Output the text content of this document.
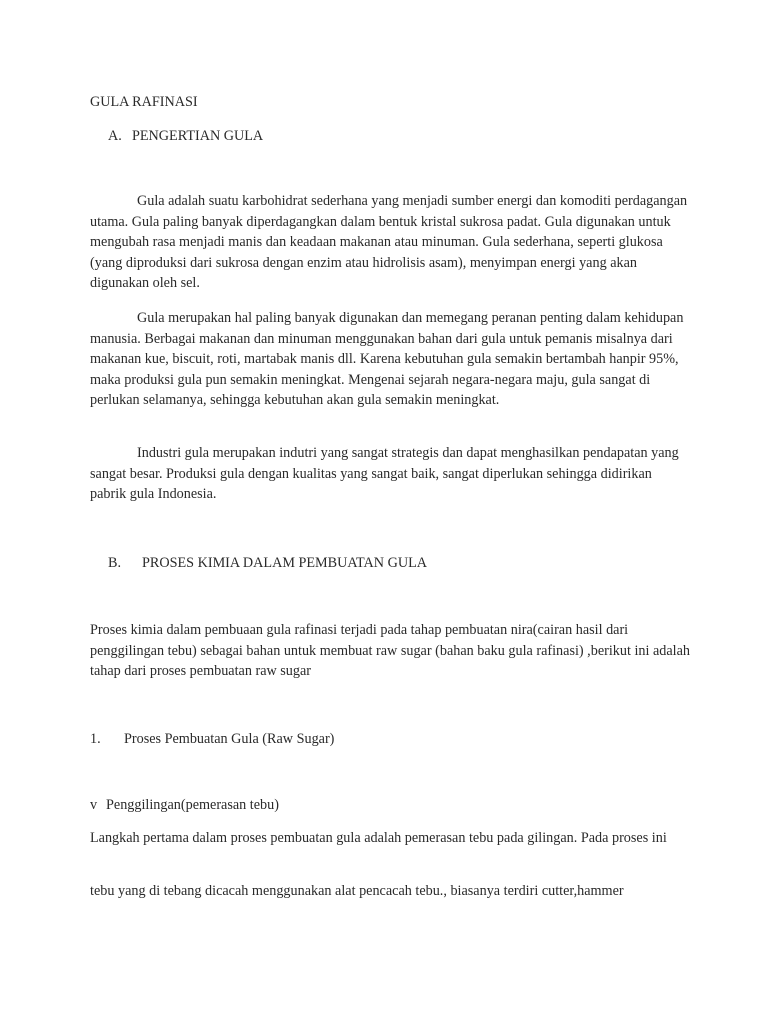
GULA RAFINASI
A. PENGERTIAN GULA
Gula adalah suatu karbohidrat sederhana yang menjadi sumber energi dan komoditi perdagangan utama. Gula paling banyak diperdagangkan dalam bentuk kristal sukrosa padat. Gula digunakan untuk mengubah rasa menjadi manis dan keadaan makanan atau minuman. Gula sederhana, seperti glukosa (yang diproduksi dari sukrosa dengan enzim atau hidrolisis asam), menyimpan energi yang akan digunakan oleh sel.
Gula merupakan hal paling banyak digunakan dan memegang peranan penting dalam kehidupan manusia. Berbagai makanan dan minuman menggunakan bahan dari gula untuk pemanis misalnya dari makanan kue, biscuit, roti, martabak manis dll. Karena kebutuhan gula semakin bertambah hanpir 95%, maka produksi gula pun semakin meningkat. Mengenai sejarah negara-negara maju, gula sangat di perlukan selamanya, sehingga kebutuhan akan gula semakin meningkat.
Industri gula merupakan indutri yang sangat strategis dan dapat menghasilkan pendapatan yang sangat besar. Produksi gula dengan kualitas yang sangat baik, sangat diperlukan sehingga didirikan pabrik gula Indonesia.
B. PROSES KIMIA DALAM PEMBUATAN GULA
Proses kimia dalam pembuaan gula rafinasi terjadi pada tahap pembuatan nira(cairan hasil dari penggilingan tebu) sebagai bahan untuk membuat raw sugar (bahan baku gula rafinasi) ,berikut ini adalah tahap dari proses pembuatan raw sugar
1. Proses Pembuatan Gula (Raw Sugar)
v Penggilingan(pemerasan tebu)
Langkah pertama dalam proses pembuatan gula adalah pemerasan tebu pada gilingan. Pada proses ini
tebu yang di tebang dicacah menggunakan alat pencacah tebu., biasanya terdiri cutter,hammer
